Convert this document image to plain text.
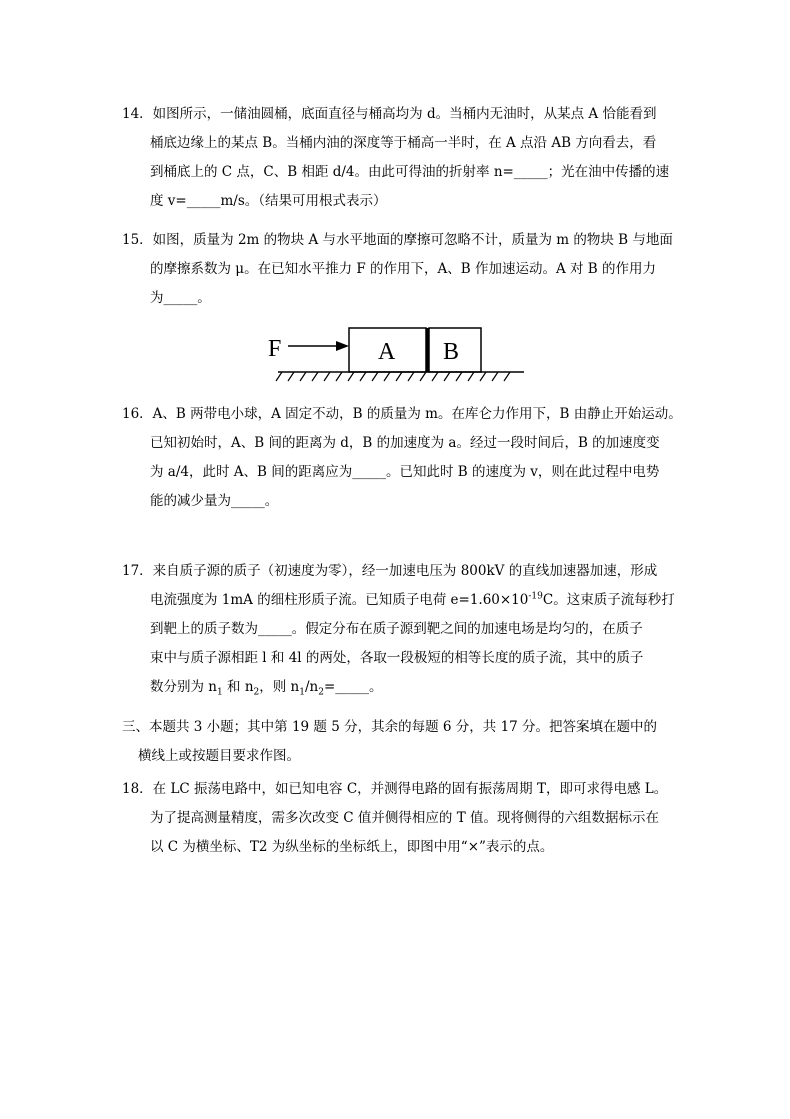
14．如图所示，一储油圆桶，底面直径与桶高均为 d。当桶内无油时，从某点 A 恰能看到
桶底边缘上的某点 B。当桶内油的深度等于桶高一半时，在 A 点沿 AB 方向看去，看
到桶底上的 C 点，C、B 相距 d/4。由此可得油的折射率 n=_____；光在油中传播的速
度 v=_____m/s。（结果可用根式表示）
15．如图，质量为 2m 的物块 A 与水平地面的摩擦可忽略不计，质量为 m 的物块 B 与地面
的摩擦系数为 μ。在已知水平推力 F 的作用下，A、B 作加速运动。A 对 B 的作用力
为_____。
F	A B
16．A、B 两带电小球，A 固定不动，B 的质量为 m。在库仑力作用下，B 由静止开始运动。
已知初始时，A、B 间的距离为 d，B 的加速度为 a。经过一段时间后，B 的加速度变
为 a/4，此时 A、B 间的距离应为_____。已知此时 B 的速度为 v，则在此过程中电势
能的减少量为_____。
17．来自质子源的质子（初速度为零），经一加速电压为 800kV 的直线加速器加速，形成
电流强度为 1mA 的细柱形质子流。已知质子电荷 $e=1.60\times 10^{-19}C$。这束质子流每秒打
到靶上的质子数为_____。假定分布在质子源到靶之间的加速电场是均匀的，在质子
束中与质子源相距 l 和 4l 的两处，各取一段极短的相等长度的质子流，其中的质子
数分别为 $n_1$ 和 $n_2$，则 $n_1/n_2=\_\_\_\_\_$。
三、本题共 3 小题；其中第 19 题 5 分，其余的每题 6 分，共 17 分。把答案填在题中的
横线上或按题目要求作图。
18．在 LC 振荡电路中，如已知电容 C，并测得电路的固有振荡周期 T，即可求得电感 L。
为了提高测量精度，需多次改变 C 值并侧得相应的 T 值。现将侧得的六组数据标示在
以 C 为横坐标、T2 为纵坐标的坐标纸上，即图中用“×”表示的点。
